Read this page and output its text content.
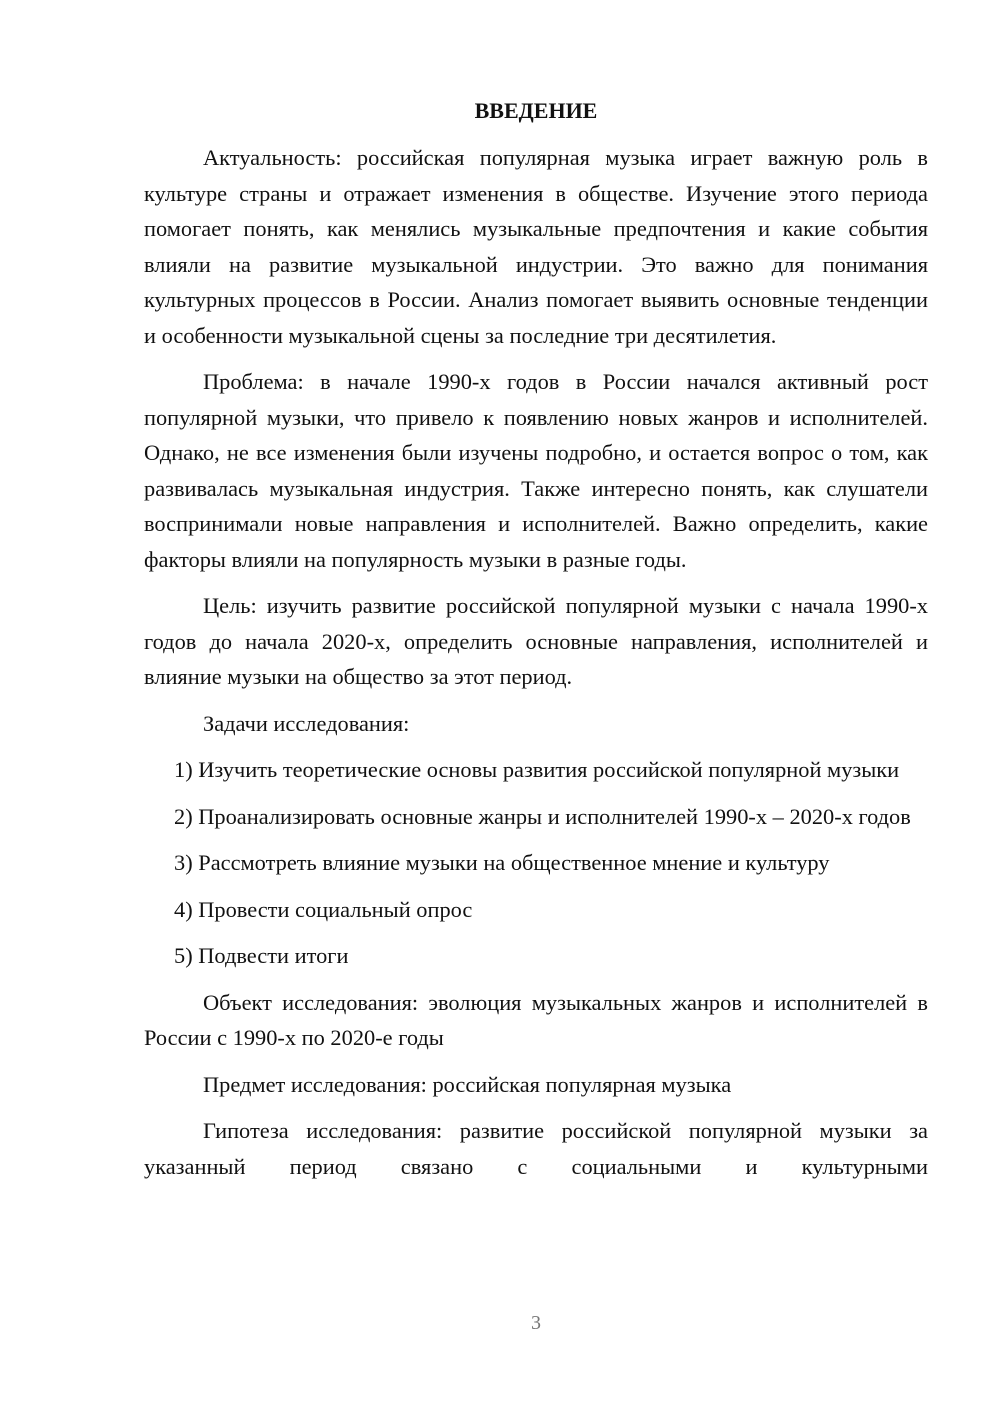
ВВЕДЕНИЕ

Актуальность: российская популярная музыка играет важную роль в культуре страны и отражает изменения в обществе. Изучение этого периода помогает понять, как менялись музыкальные предпочтения и какие события влияли на развитие музыкальной индустрии. Это важно для понимания культурных процессов в России. Анализ помогает выявить основные тенденции и особенности музыкальной сцены за последние три десятилетия.

Проблема: в начале 1990-х годов в России начался активный рост популярной музыки, что привело к появлению новых жанров и исполнителей. Однако, не все изменения были изучены подробно, и остается вопрос о том, как развивалась музыкальная индустрия. Также интересно понять, как слушатели воспринимали новые направления и исполнителей. Важно определить, какие факторы влияли на популярность музыки в разные годы.

Цель: изучить развитие российской популярной музыки с начала 1990-х годов до начала 2020-х, определить основные направления, исполнителей и влияние музыки на общество за этот период.

Задачи исследования:

1) Изучить теоретические основы развития российской популярной музыки

2) Проанализировать основные жанры и исполнителей 1990-х – 2020-х годов

3) Рассмотреть влияние музыки на общественное мнение и культуру

4) Провести социальный опрос

5) Подвести итоги

Объект исследования: эволюция музыкальных жанров и исполнителей в России с 1990-х по 2020-е годы

Предмет исследования: российская популярная музыка

Гипотеза исследования: развитие российской популярной музыки за указанный период связано с социальными и культурными

3
